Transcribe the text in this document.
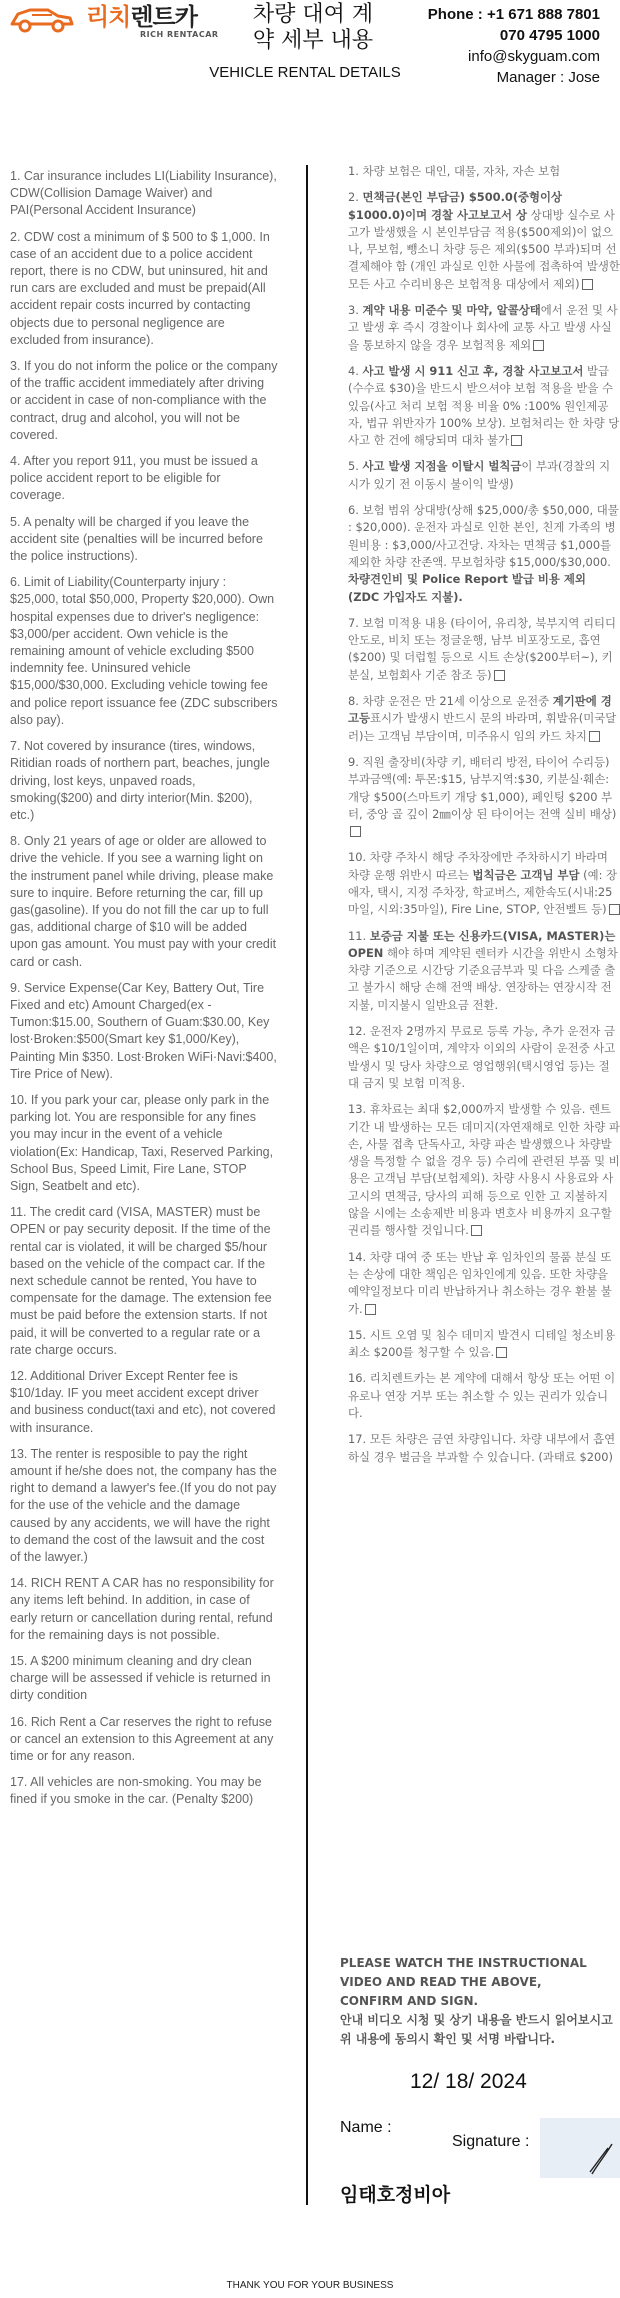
리치렌트카
RICH RENTACAR
차량 대여 계약 세부 내용
VEHICLE RENTAL DETAILS
Phone : +1 671 888 7801
070 4795 1000
info@skyguam.com
Manager : Jose

1. Car insurance includes LI(Liability Insurance), CDW(Collision Damage Waiver) and PAI(Personal Accident Insurance)

2. CDW cost a minimum of $ 500 to $ 1,000. In case of an accident due to a police accident report, there is no CDW, but uninsured, hit and run cars are excluded and must be prepaid(All accident repair costs incurred by contacting objects due to personal negligence are excluded from insurance).

3. If you do not inform the police or the company of the traffic accident immediately after driving or accident in case of non-compliance with the contract, drug and alcohol, you will not be covered.

4. After you report 911, you must be issued a police accident report to be eligible for coverage.

5. A penalty will be charged if you leave the accident site (penalties will be incurred before the police instructions).

6. Limit of Liability(Counterparty injury : $25,000, total $50,000, Property $20,000). Own hospital expenses due to driver's negligence: $3,000/per accident. Own vehicle is the remaining amount of vehicle excluding $500 indemnity fee. Uninsured vehicle $15,000/$30,000. Excluding vehicle towing fee and police report issuance fee (ZDC subscribers also pay).

7. Not covered by insurance (tires, windows, Ritidian roads of northern part, beaches, jungle driving, lost keys, unpaved roads, smoking($200) and dirty interior(Min. $200), etc.)

8. Only 21 years of age or older are allowed to drive the vehicle. If you see a warning light on the instrument panel while driving, please make sure to inquire. Before returning the car, fill up gas(gasoline). If you do not fill the car up to full gas, additional charge of $10 will be added upon gas amount. You must pay with your credit card or cash.

9. Service Expense(Car Key, Battery Out, Tire Fixed and etc) Amount Charged(ex - Tumon:$15.00, Southern of Guam:$30.00, Key lost·Broken:$500(Smart key $1,000/Key), Painting Min $350. Lost·Broken WiFi·Navi:$400, Tire Price of New).

10. If you park your car, please only park in the parking lot. You are responsible for any fines you may incur in the event of a vehicle violation(Ex: Handicap, Taxi, Reserved Parking, School Bus, Speed Limit, Fire Lane, STOP Sign, Seatbelt and etc).

11. The credit card (VISA, MASTER) must be OPEN or pay security deposit. If the time of the rental car is violated, it will be charged $5/hour based on the vehicle of the compact car. If the next schedule cannot be rented, You have to compensate for the damage. The extension fee must be paid before the extension starts. If not paid, it will be converted to a regular rate or a rate charge occurs.

12. Additional Driver Except Renter fee is $10/1day. IF you meet accident except driver and business conduct(taxi and etc), not covered with insurance.

13. The renter is resposible to pay the right amount if he/she does not, the company has the right to demand a lawyer's fee.(If you do not pay for the use of the vehicle and the damage caused by any accidents, we will have the right to demand the cost of the lawsuit and the cost of the lawyer.)

14. RICH RENT A CAR has no responsibility for any items left behind. In addition, in case of early return or cancellation during rental, refund for the remaining days is not possible.

15. A $200 minimum cleaning and dry clean charge will be assessed if vehicle is returned in dirty condition

16. Rich Rent a Car reserves the right to refuse or cancel an extension to this Agreement at any time or for any reason.

17. All vehicles are non-smoking. You may be fined if you smoke in the car. (Penalty $200)

1. 차량 보험은 대인, 대물, 자차, 자손 보험

2. 면책금(본인 부담금) $500.0(중형이상 $1000.0)이며 경찰 사고보고서 상 상대방 실수로 사고가 발생했을 시 본인부담금 적용($500제외)이 없으나, 무보험, 뺑소니 차량 등은 제외($500 부과)되며 선결제해야 함 (개인 과실로 인한 사물에 접촉하여 발생한 모든 사고 수리비용은 보험적용 대상에서 제외)

3. 계약 내용 미준수 및 마약, 알콜상태에서 운전 및 사고 발생 후 즉시 경찰이나 회사에 교통 사고 발생 사실을 통보하지 않을 경우 보험적용 제외

4. 사고 발생 시 911 신고 후, 경찰 사고보고서 발급(수수료 $30)을 반드시 받으셔야 보험 적용을 받을 수 있음(사고 처리 보험 적용 비율 0% :100% 원인제공자, 법규 위반자가 100% 보상). 보험처리는 한 차량 당 사고 한 건에 해당되며 대차 불가

5. 사고 발생 지점을 이탈시 벌칙금이 부과(경찰의 지시가 있기 전 이동시 불이익 발생)

6. 보험 범위 상대방(상해 $25,000/총 $50,000, 대물 : $20,000). 운전자 과실로 인한 본인, 친게 가족의 병원비용 : $3,000/사고건당. 자차는 면책금 $1,000를 제외한 차량 잔존액. 무보험차량 $15,000/$30,000. 차량견인비 및 Police Report 발급 비용 제외 (ZDC 가입자도 지불).

7. 보험 미적용 내용 (타이어, 유리창, 북부지역 리티디안도로, 비치 또는 정글운행, 남부 비포장도로, 흡연($200) 및 더럽힐 등으로 시트 손상($200부터~), 키 분실, 보험회사 기준 참조 등)

8. 차량 운전은 만 21세 이상으로 운전중 계기판에 경고등표시가 발생시 반드시 문의 바라며, 휘발유(미국달러)는 고객님 부담이며, 미주유시 임의 카드 차지

9. 직원 출장비(차량 키, 배터리 방전, 타이어 수리등) 부과금액(예: 투몬:$15, 남부지역:$30, 키분실·훼손: 개당 $500(스마트키 개당 $1,000), 페인팅 $200 부터, 중앙 골 깊이 2㎜이상 된 타이어는 전액 실비 배상)

10. 차량 주차시 해당 주차장에만 주차하시기 바라며 차량 운행 위반시 따르는 법칙금은 고객님 부담 (예: 장애자, 택시, 지정 주차장, 학교버스, 제한속도(시내:25마일, 시외:35마일), Fire Line, STOP, 안전벨트 등)

11. 보증금 지불 또는 신용카드(VISA, MASTER)는OPEN 해야 하며 계약된 렌터카 시간을 위반시 소형차 차량 기준으로 시간당 기준요금부과 및 다음 스케줄 출고 불가시 해당 손해 전액 배상. 연장하는 연장시작 전 지불, 미지불시 일반요금 전환.

12. 운전자 2명까지 무료로 등록 가능, 추가 운전자 금액은 $10/1일이며, 계약자 이외의 사람이 운전중 사고 발생시 및 당사 차량으로 영업행위(택시영업 등)는 절대 금지 및 보험 미적용.

13. 휴차료는 최대 $2,000까지 발생할 수 있음. 렌트 기간 내 발생하는 모든 데미지(자연재해로 인한 차량 파손, 사물 접촉 단독사고, 차량 파손 발생했으나 차량발생을 특정할 수 없을 경우 등) 수리에 관련된 부품 및 비용은 고객님 부담(보험제외). 차량 사용시 사용료와 사고시의 면책금, 당사의 피해 등으로 인한 고 지불하지 않을 시에는 소송제반 비용과 변호사 비용까지 요구할 권리를 행사할 것입니다.

14. 차량 대여 중 또는 반납 후 임차인의 물품 분실 또는 손상에 대한 책임은 임차인에게 있음. 또한 차량을 예약일정보다 미리 반납하거나 취소하는 경우 환불 불가.

15. 시트 오염 및 침수 데미지 발견시 디테일 청소비용 최소 $200를 청구할 수 있음.

16. 리치렌트카는 본 계약에 대해서 항상 또는 어떤 이유로나 연장 거부 또는 취소할 수 있는 권리가 있습니다.

17. 모든 차량은 금연 차량입니다. 차량 내부에서 흡연하실 경우 벌금을 부과할 수 있습니다. (과태료 $200)

PLEASE WATCH THE INSTRUCTIONAL VIDEO AND READ THE ABOVE,
CONFIRM AND SIGN.
안내 비디오 시청 및 상기 내용을 반드시 읽어보시고 위 내용에 동의시 확인 및 서명 바랍니다.
12/ 18/ 2024
Name :
Signature :
임태호정비아
THANK YOU FOR YOUR BUSINESS
